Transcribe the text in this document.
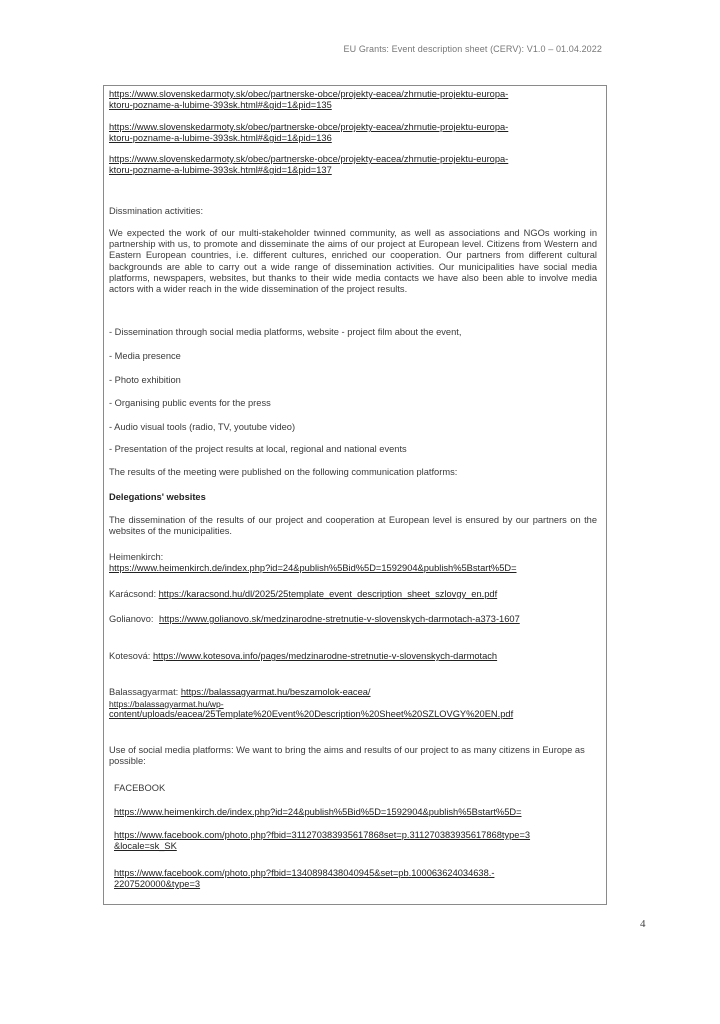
EU Grants: Event description sheet (CERV): V1.0 – 01.04.2022
https://www.slovenskedarmoty.sk/obec/partnerske-obce/projekty-eacea/zhrnutie-projektu-europa-
ktoru-pozname-a-lubime-393sk.html#&gid=1&pid=135
https://www.slovenskedarmoty.sk/obec/partnerske-obce/projekty-eacea/zhrnutie-projektu-europa-
ktoru-pozname-a-lubime-393sk.html#&gid=1&pid=136
https://www.slovenskedarmoty.sk/obec/partnerske-obce/projekty-eacea/zhrnutie-projektu-europa-
ktoru-pozname-a-lubime-393sk.html#&gid=1&pid=137
Dissmination activities:
We expected the work of our multi-stakeholder twinned community, as well as associations and NGOs working in partnership with us, to promote and disseminate the aims of our project at European level. Citizens from Western and Eastern European countries, i.e. different cultures, enriched our cooperation. Our partners from different cultural backgrounds are able to carry out a wide range of dissemination activities. Our municipalities have social media platforms, newspapers, websites, but thanks to their wide media contacts we have also been able to involve media actors with a wider reach in the wide dissemination of the project results.
- Dissemination through social media platforms, website - project film about the event,
- Media presence
- Photo exhibition
- Organising public events for the press
- Audio visual tools (radio, TV, youtube video)
- Presentation of the project results at local, regional and national events
The results of the meeting were published on the following communication platforms:
Delegations' websites
The dissemination of the results of our project and cooperation at European level is ensured by our partners on the websites of the municipalities.
Heimenkirch:
https://www.heimenkirch.de/index.php?id=24&publish%5Bid%5D=1592904&publish%5Bstart%5D=
Karácsond: https://karacsond.hu/dl/2025/25template_event_description_sheet_szlovgy_en.pdf
Golianovo: https://www.golianovo.sk/medzinarodne-stretnutie-v-slovenskych-darmotach-a373-1607
Kotesová: https://www.kotesova.info/pages/medzinarodne-stretnutie-v-slovenskych-darmotach
Balassagyarmat: https://balassagyarmat.hu/beszamolok-eacea/
https://balassagyarmat.hu/wp-
content/uploads/eacea/25Template%20Event%20Description%20Sheet%20SZLOVGY%20EN.pdf
Use of social media platforms: We want to bring the aims and results of our project to as many citizens in Europe as possible:
FACEBOOK
https://www.heimenkirch.de/index.php?id=24&publish%5Bid%5D=1592904&publish%5Bstart%5D=
https://www.facebook.com/photo.php?fbid=311270383935617868set=p.311270383935617868type=3
&locale=sk_SK
https://www.facebook.com/photo.php?fbid=1340898438040945&set=pb.100063624034638.-
2207520000&type=3
4
